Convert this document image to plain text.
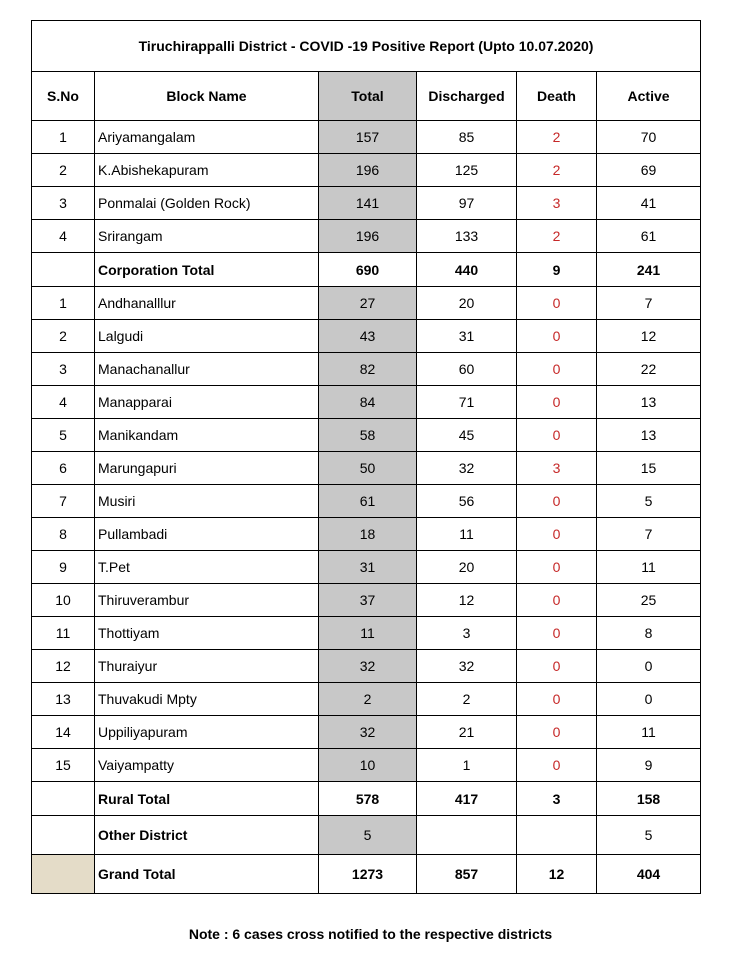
Tiruchirappalli District - COVID -19 Positive Report (Upto 10.07.2020)					
S.No	Block Name	Total	Discharged	Death	Active
1	Ariyamangalam	157	85	2	70
2	K.Abishekapuram	196	125	2	69
3	Ponmalai (Golden Rock)	141	97	3	41
4	Srirangam	196	133	2	61
	Corporation Total	690	440	9	241
1	Andhanalllur	27	20	0	7
2	Lalgudi	43	31	0	12
3	Manachanallur	82	60	0	22
4	Manapparai	84	71	0	13
5	Manikandam	58	45	0	13
6	Marungapuri	50	32	3	15
7	Musiri	61	56	0	5
8	Pullambadi	18	11	0	7
9	T.Pet	31	20	0	11
10	Thiruverambur	37	12	0	25
11	Thottiyam	11	3	0	8
12	Thuraiyur	32	32	0	0
13	Thuvakudi Mpty	2	2	0	0
14	Uppiliyapuram	32	21	0	11
15	Vaiyampatty	10	1	0	9
	Rural Total	578	417	3	158
	Other District	5			5
	Grand Total	1273	857	12	404
Note : 6 cases cross notified to the respective districts
